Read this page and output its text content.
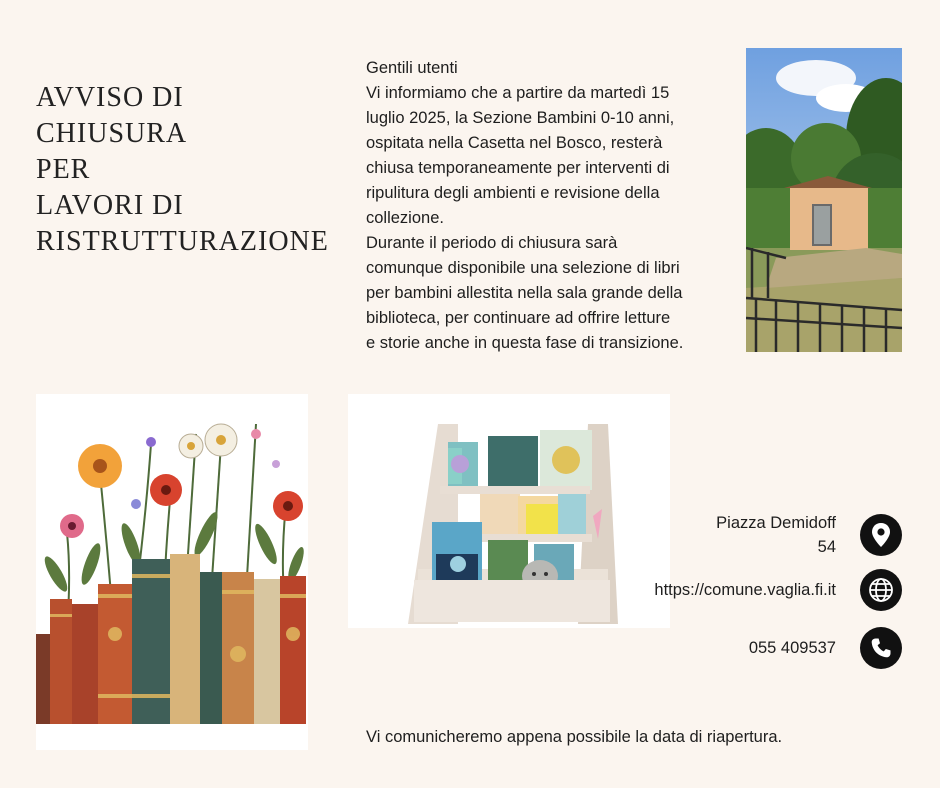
AVVISO DI
CHIUSURA
PER
LAVORI DI
RISTRUTTURAZIONE
Gentili utenti
Vi informiamo che a partire da martedì 15
luglio 2025, la Sezione Bambini 0-10 anni,
ospitata nella Casetta nel Bosco, resterà
chiusa temporaneamente per interventi di
ripulitura degli ambienti e revisione della
collezione.
Durante il periodo di chiusura sarà
comunque disponibile una selezione di libri
per bambini allestita nella sala grande della
biblioteca, per continuare ad offrire letture
e storie anche in questa fase di transizione.
Piazza Demidoff
54
https://comune.vaglia.fi.it
055 409537
Vi comunicheremo appena possibile la data di riapertura.
